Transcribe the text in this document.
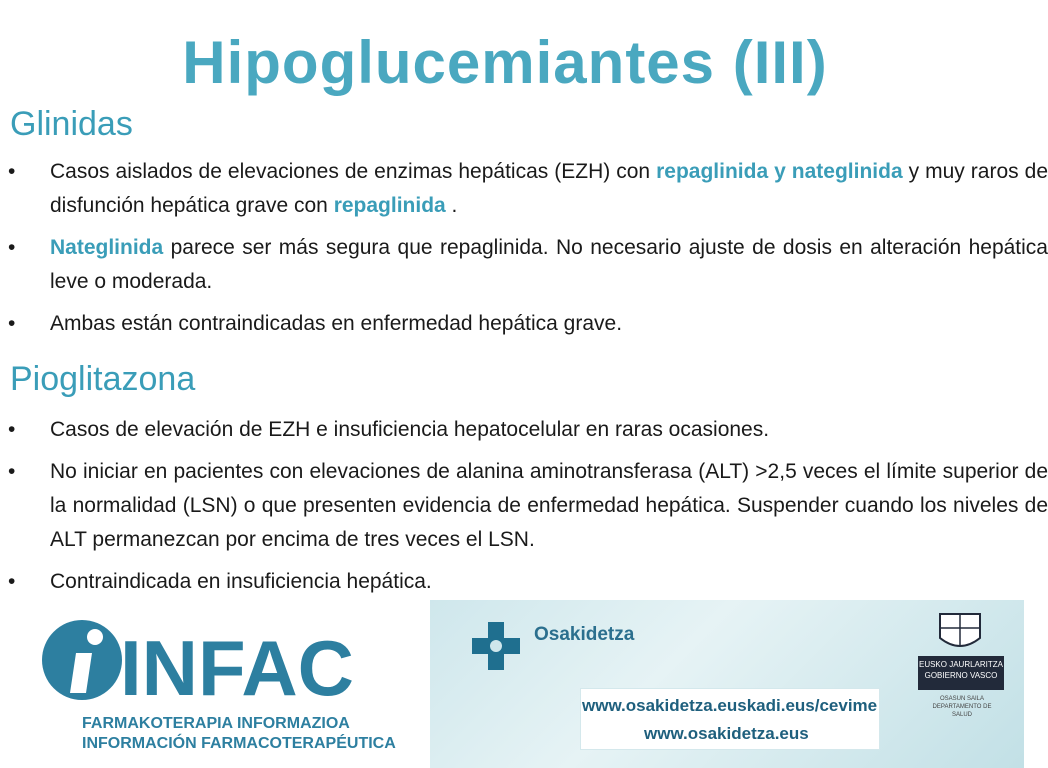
Hipoglucemiantes (III)
Glinidas
• Casos aislados de elevaciones de enzimas hepáticas (EZH) con repaglinida y nateglinida y muy raros de disfunción hepática grave con repaglinida .
• Nateglinida parece ser más segura que repaglinida. No necesario ajuste de dosis en alteración hepática leve o moderada.
• Ambas están contraindicadas en enfermedad hepática grave.
Pioglitazona
• Casos de elevación de EZH e insuficiencia hepatocelular en raras ocasiones.
• No iniciar en pacientes con elevaciones de alanina aminotransferasa (ALT) >2,5 veces el límite superior de la normalidad (LSN) o que presenten evidencia de enfermedad hepática. Suspender cuando los niveles de ALT permanezcan por encima de tres veces el LSN.
• Contraindicada en insuficiencia hepática.
INFAC
FARMAKOTERAPIA INFORMAZIOA
INFORMACIÓN FARMACOTERAPÉUTICA
Osakidetza
www.osakidetza.euskadi.eus/cevime
www.osakidetza.eus
EUSKO JAURLARITZA GOBIERNO VASCO
OSASUN SAILA DEPARTAMENTO DE SALUD
